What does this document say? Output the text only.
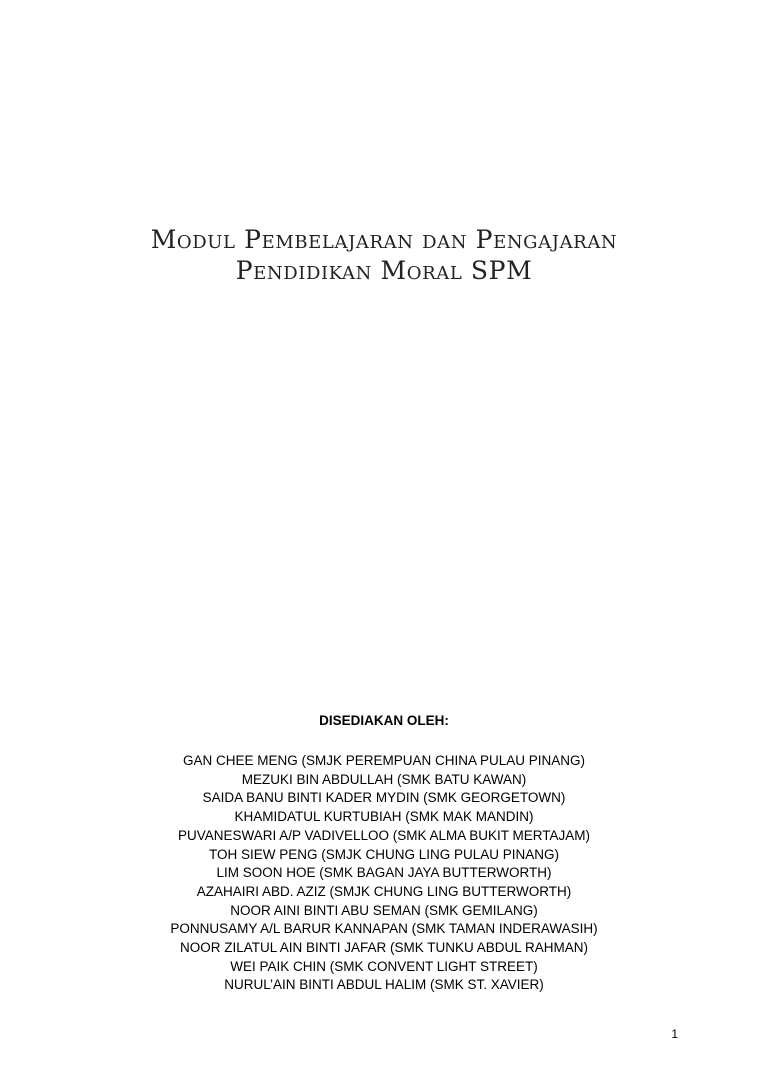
Modul Pembelajaran dan Pengajaran
Pendidikan Moral SPM
DISEDIAKAN OLEH:
GAN CHEE MENG (SMJK PEREMPUAN CHINA PULAU PINANG)
MEZUKI BIN ABDULLAH (SMK BATU KAWAN)
SAIDA BANU BINTI KADER MYDIN (SMK GEORGETOWN)
KHAMIDATUL KURTUBIAH (SMK MAK MANDIN)
PUVANESWARI A/P VADIVELLOO (SMK ALMA BUKIT MERTAJAM)
TOH SIEW PENG (SMJK CHUNG LING PULAU PINANG)
LIM SOON HOE (SMK BAGAN JAYA BUTTERWORTH)
AZAHAIRI ABD. AZIZ (SMJK CHUNG LING BUTTERWORTH)
NOOR AINI BINTI ABU SEMAN (SMK GEMILANG)
PONNUSAMY A/L BARUR KANNAPAN (SMK TAMAN INDERAWASIH)
NOOR ZILATUL AIN BINTI JAFAR (SMK TUNKU ABDUL RAHMAN)
WEI PAIK CHIN (SMK CONVENT LIGHT STREET)
NURUL’AIN BINTI ABDUL HALIM (SMK ST. XAVIER)
1
